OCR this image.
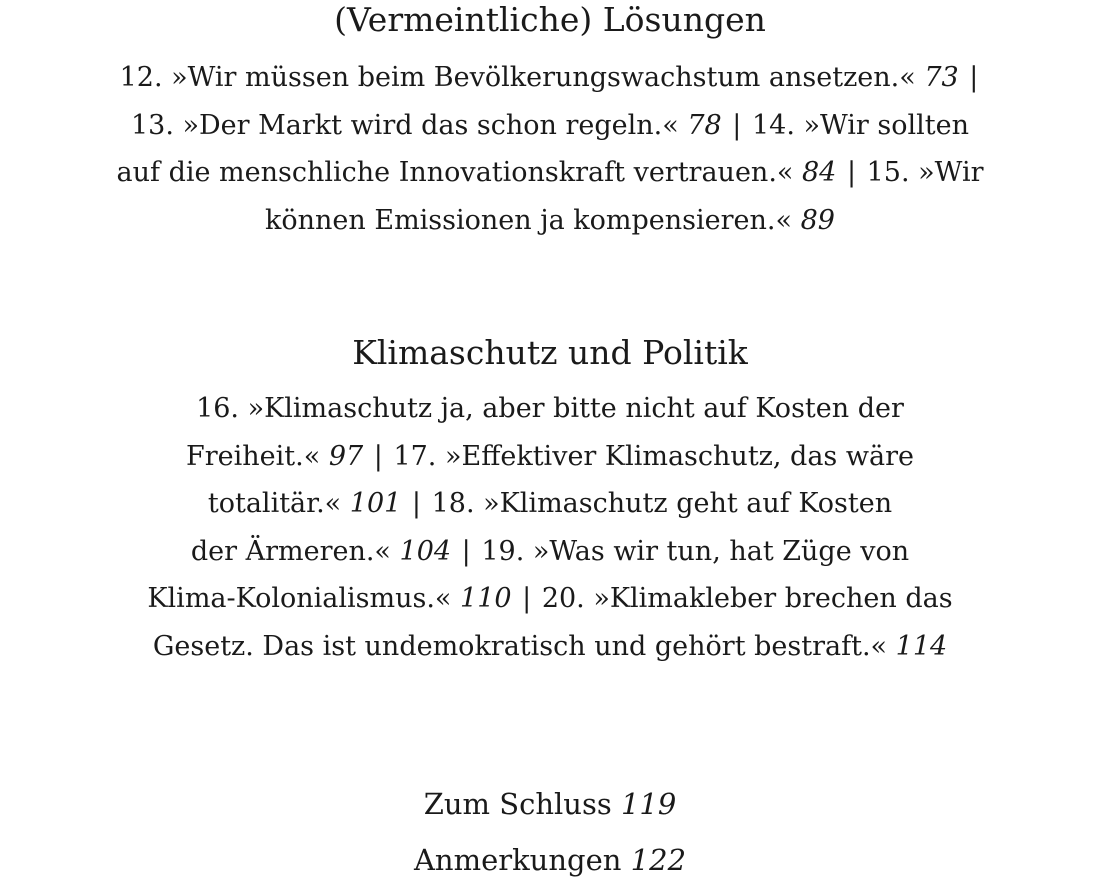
(Vermeintliche) Lösungen
12. »Wir müssen beim Bevölkerungswachstum ansetzen.« 73 |
13. »Der Markt wird das schon regeln.« 78 | 14. »Wir sollten
auf die menschliche Innovationskraft vertrauen.« 84 | 15. »Wir
können Emissionen ja kompensieren.« 89
Klimaschutz und Politik
16. »Klimaschutz ja, aber bitte nicht auf Kosten der
Freiheit.« 97 | 17. »Effektiver Klimaschutz, das wäre
totalitär.« 101 | 18. »Klimaschutz geht auf Kosten
der Ärmeren.« 104 | 19. »Was wir tun, hat Züge von
Klima-Kolonialismus.« 110 | 20. »Klimakleber brechen das
Gesetz. Das ist undemokratisch und gehört bestraft.« 114
Zum Schluss 119
Anmerkungen 122
